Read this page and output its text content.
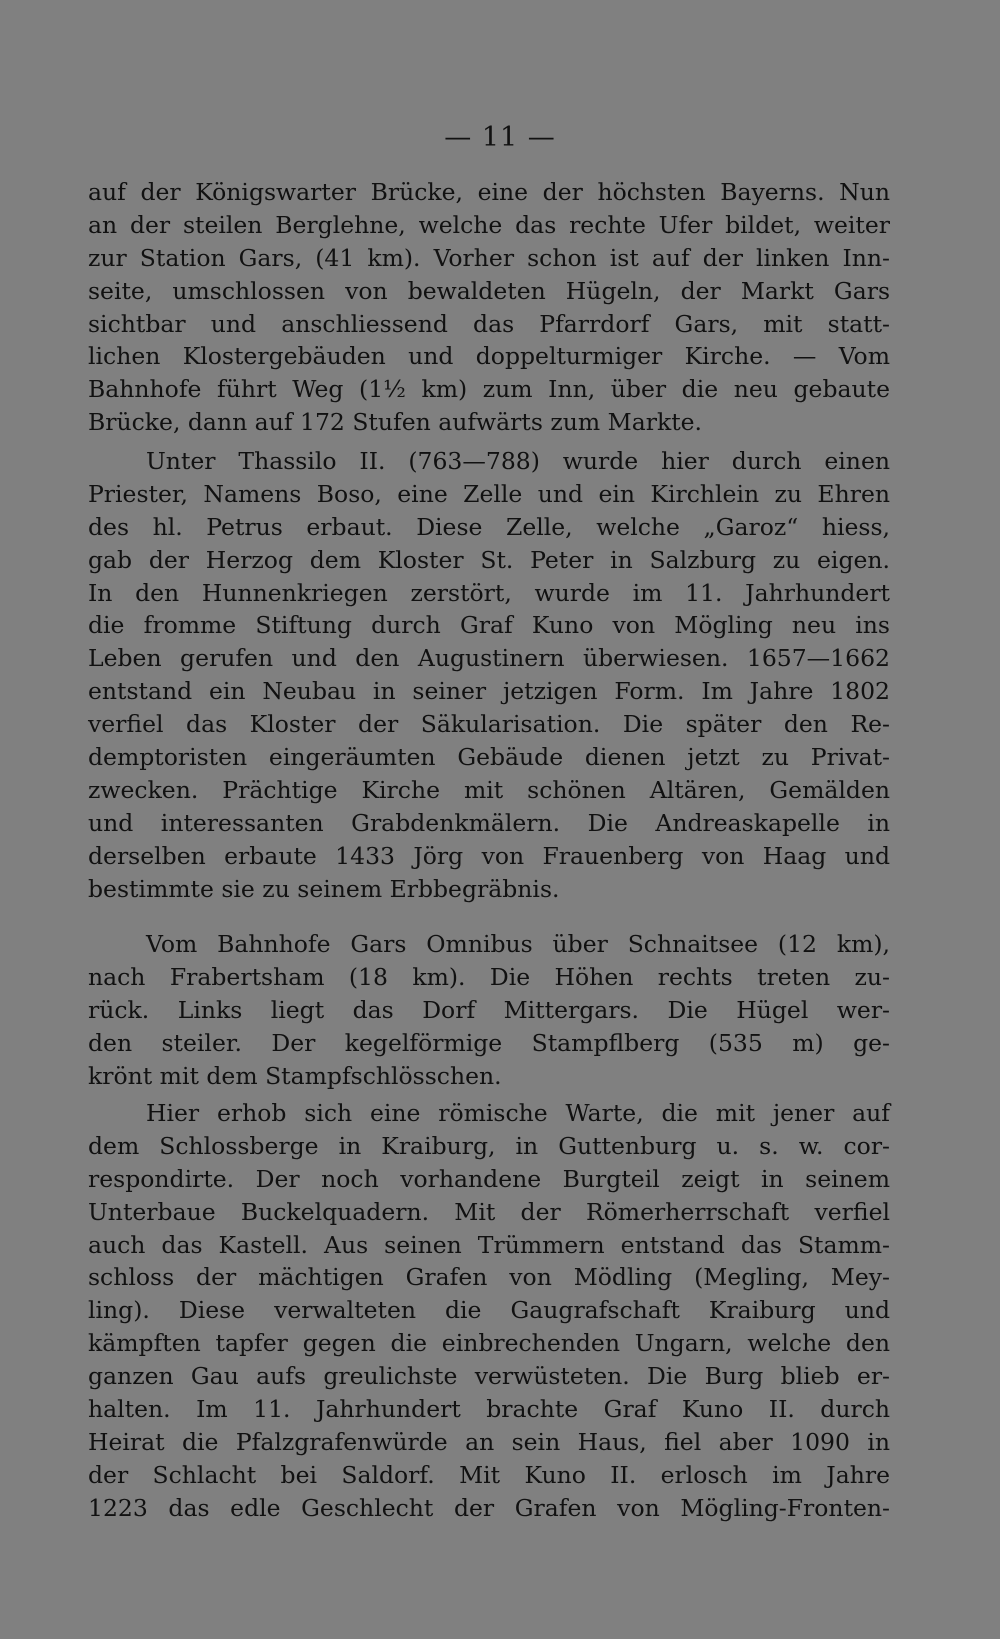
— 11 —
auf der Königswarter Brücke, eine der höchsten Bayerns. Nun
an der steilen Berglehne, welche das rechte Ufer bildet, weiter
zur Station Gars, (41 km). Vorher schon ist auf der linken Inn-
seite, umschlossen von bewaldeten Hügeln, der Markt Gars
sichtbar und anschliessend das Pfarrdorf Gars, mit statt-
lichen Klostergebäuden und doppelturmiger Kirche. — Vom
Bahnhofe führt Weg (1½ km) zum Inn, über die neu gebaute
Brücke, dann auf 172 Stufen aufwärts zum Markte.
Unter Thassilo II. (763—788) wurde hier durch einen
Priester, Namens Boso, eine Zelle und ein Kirchlein zu Ehren
des hl. Petrus erbaut. Diese Zelle, welche „Garoz“ hiess,
gab der Herzog dem Kloster St. Peter in Salzburg zu eigen.
In den Hunnenkriegen zerstört, wurde im 11. Jahrhundert
die fromme Stiftung durch Graf Kuno von Mögling neu ins
Leben gerufen und den Augustinern überwiesen. 1657—1662
entstand ein Neubau in seiner jetzigen Form. Im Jahre 1802
verfiel das Kloster der Säkularisation. Die später den Re-
demptoristen eingeräumten Gebäude dienen jetzt zu Privat-
zwecken. Prächtige Kirche mit schönen Altären, Gemälden
und interessanten Grabdenkmälern. Die Andreaskapelle in
derselben erbaute 1433 Jörg von Frauenberg von Haag und
bestimmte sie zu seinem Erbbegräbnis.
Vom Bahnhofe Gars Omnibus über Schnaitsee (12 km),
nach Frabertsham (18 km). Die Höhen rechts treten zu-
rück. Links liegt das Dorf Mittergars. Die Hügel wer-
den steiler. Der kegelförmige Stampflberg (535 m) ge-
krönt mit dem Stampfschlösschen.
Hier erhob sich eine römische Warte, die mit jener auf
dem Schlossberge in Kraiburg, in Guttenburg u. s. w. cor-
respondirte. Der noch vorhandene Burgteil zeigt in seinem
Unterbaue Buckelquadern. Mit der Römerherrschaft verfiel
auch das Kastell. Aus seinen Trümmern entstand das Stamm-
schloss der mächtigen Grafen von Mödling (Megling, Mey-
ling). Diese verwalteten die Gaugrafschaft Kraiburg und
kämpften tapfer gegen die einbrechenden Ungarn, welche den
ganzen Gau aufs greulichste verwüsteten. Die Burg blieb er-
halten. Im 11. Jahrhundert brachte Graf Kuno II. durch
Heirat die Pfalzgrafenwürde an sein Haus, fiel aber 1090 in
der Schlacht bei Saldorf. Mit Kuno II. erlosch im Jahre
1223 das edle Geschlecht der Grafen von Mögling-Fronten-
